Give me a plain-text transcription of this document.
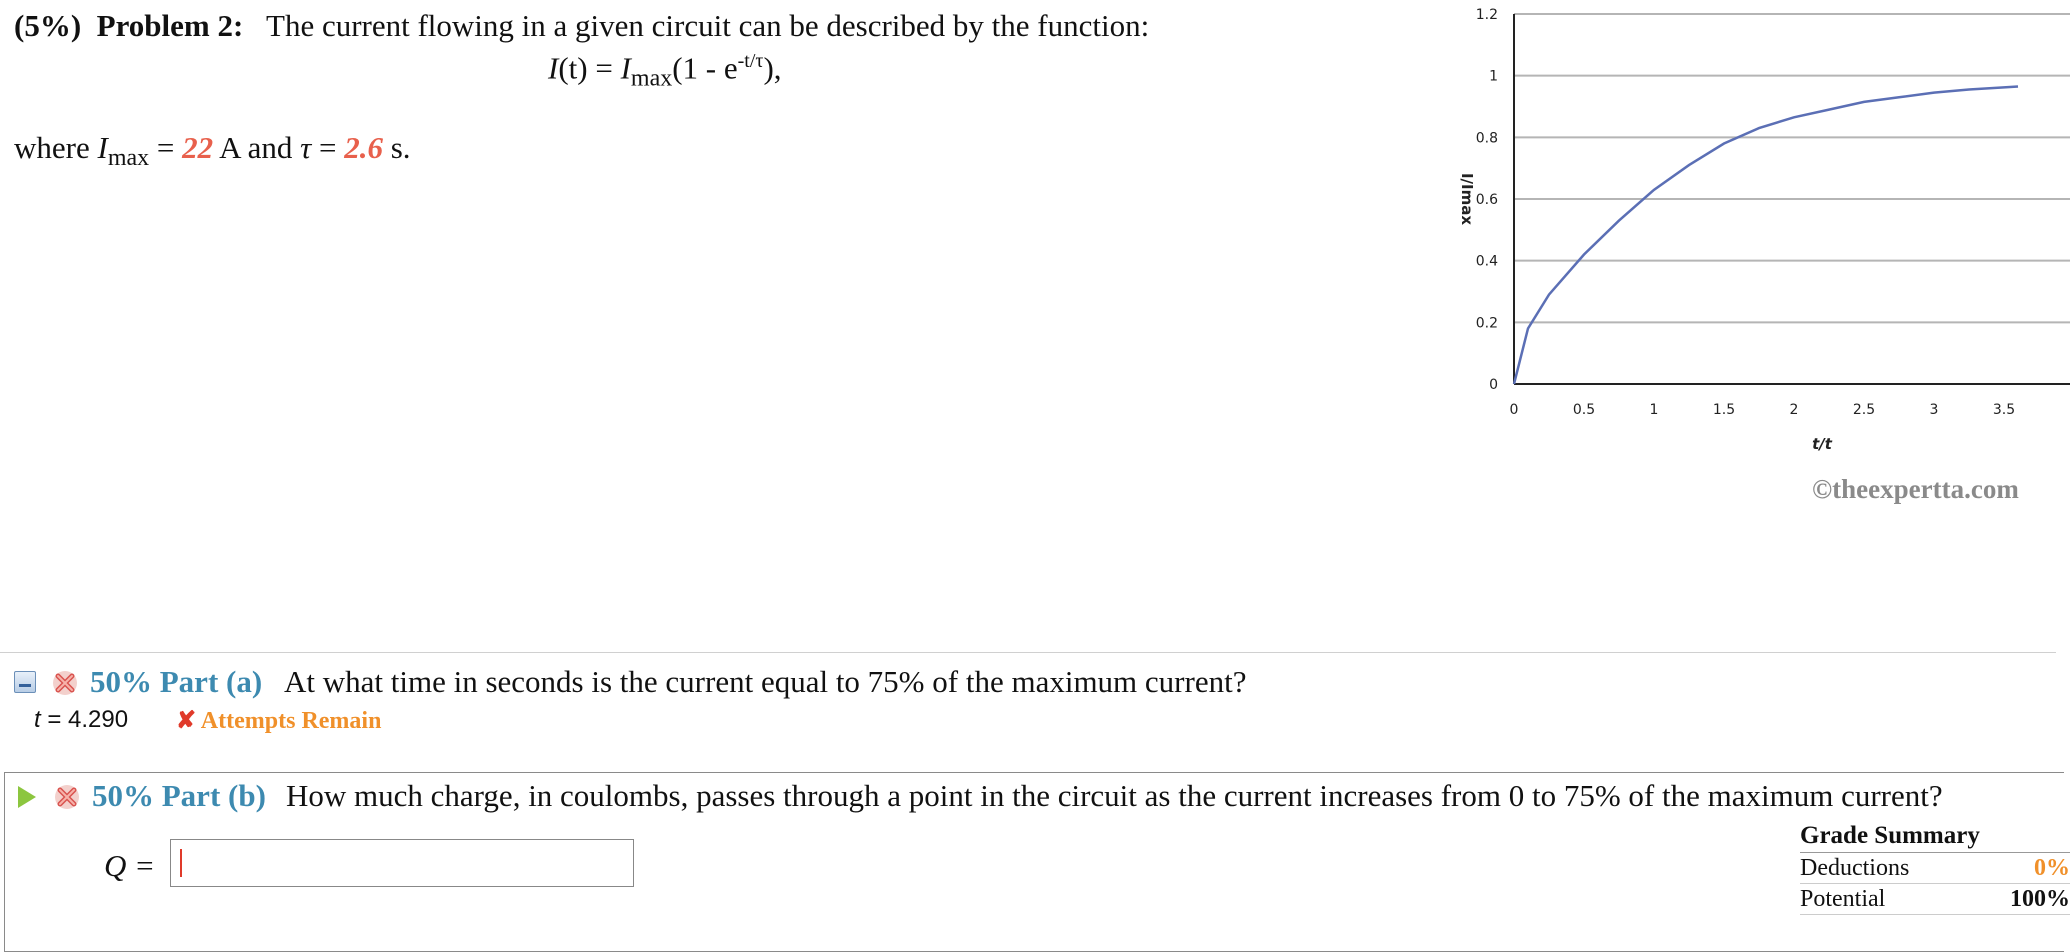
(5%) Problem 2: The current flowing in a given circuit can be described by the function:
$I(t) = I_{max}(1 - e^{-t/\tau})$,
where $I_{max} = 22$ A and τ = 2.6 s.
0
0.2
0.4
0.6
0.8
1
1.2
0	0.5	1	1.5	2	2.5	3	3.5
t/t
I/Imax
©theexpertta.com
50% Part (a) At what time in seconds is the current equal to 75% of the maximum current?
t = 4.290 ✘ Attempts Remain
50% Part (b) How much charge, in coulombs, passes through a point in the circuit as the current increases from 0 to 75% of the maximum current?
Q =
Grade Summary
Deductions	0%
Potential	100%
